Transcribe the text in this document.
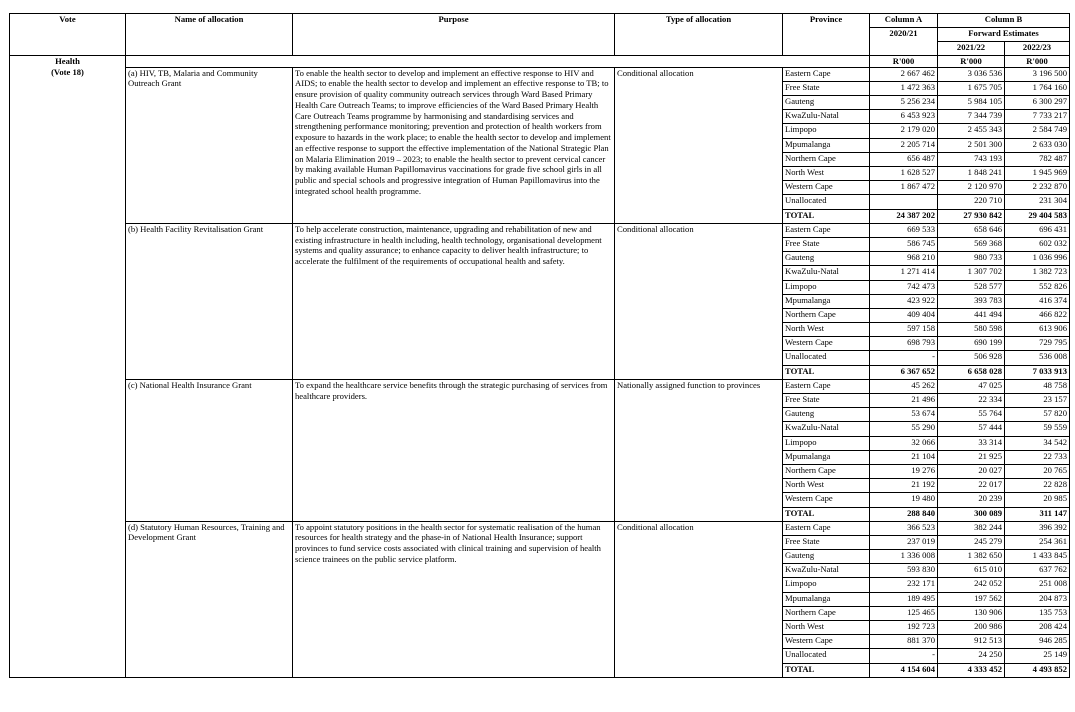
Vote	Name of allocation	Purpose	Type of allocation	Province	Column A	Column B	
					2020/21	Forward Estimates	
						2021/22	2022/23
Health
(Vote 18)					R'000	R'000	R'000
	(a) HIV, TB, Malaria and Community Outreach Grant	To enable the health sector to develop and implement an effective response to HIV and AIDS; to enable the health sector to develop and implement an effective response to TB; to ensure provision of quality community outreach services through Ward Based Primary Health Care Outreach Teams; to improve efficiencies of the Ward Based Primary Health Care Outreach Teams programme by harmonising and standardising services and strengthening performance monitoring; prevention and protection of health workers from exposure to hazards in the work place; to enable the health sector to develop and implement an effective response to support the effective implementation of the National Strategic Plan on Malaria Elimination 2019 – 2023; to enable the health sector to prevent cervical cancer by making available Human Papillomavirus vaccinations for grade five school girls in all public and special schools and progressive integration of Human Papillomavirus into the integrated school health programme.	Conditional allocation	Eastern Cape	2 667 462	3 036 536	3 196 500
				Free State	1 472 363	1 675 705	1 764 160
				Gauteng	5 256 234	5 984 105	6 300 297
				KwaZulu-Natal	6 453 923	7 344 739	7 733 217
				Limpopo	2 179 020	2 455 343	2 584 749
				Mpumalanga	2 205 714	2 501 300	2 633 030
				Northern Cape	656 487	743 193	782 487
				North West	1 628 527	1 848 241	1 945 969
				Western Cape	1 867 472	2 120 970	2 232 870
				Unallocated		220 710	231 304
				TOTAL	24 387 202	27 930 842	29 404 583
	(b) Health Facility Revitalisation Grant	To help accelerate construction, maintenance, upgrading and rehabilitation of new and existing infrastructure in health including, health technology, organisational development systems and quality assurance; to enhance capacity to deliver health infrastructure; to accelerate the fulfilment of the requirements of occupational health and safety.	Conditional allocation	Eastern Cape	669 533	658 646	696 431
				Free State	586 745	569 368	602 032
				Gauteng	968 210	980 733	1 036 996
				KwaZulu-Natal	1 271 414	1 307 702	1 382 723
				Limpopo	742 473	528 577	552 826
				Mpumalanga	423 922	393 783	416 374
				Northern Cape	409 404	441 494	466 822
				North West	597 158	580 598	613 906
				Western Cape	698 793	690 199	729 795
				Unallocated	-	506 928	536 008
				TOTAL	6 367 652	6 658 028	7 033 913
	(c) National Health Insurance Grant	To expand the healthcare service benefits through the strategic purchasing of services from healthcare providers.	Nationally assigned function to provinces	Eastern Cape	45 262	47 025	48 758
				Free State	21 496	22 334	23 157
				Gauteng	53 674	55 764	57 820
				KwaZulu-Natal	55 290	57 444	59 559
				Limpopo	32 066	33 314	34 542
				Mpumalanga	21 104	21 925	22 733
				Northern Cape	19 276	20 027	20 765
				North West	21 192	22 017	22 828
				Western Cape	19 480	20 239	20 985
				TOTAL	288 840	300 089	311 147
	(d) Statutory Human Resources, Training and Development Grant	To appoint statutory positions in the health sector for systematic realisation of the human resources for health strategy and the phase-in of National Health Insurance; support provinces to fund service costs associated with clinical training and supervision of health science trainees on the public service platform.	Conditional allocation	Eastern Cape	366 523	382 244	396 392
				Free State	237 019	245 279	254 361
				Gauteng	1 336 008	1 382 650	1 433 845
				KwaZulu-Natal	593 830	615 010	637 762
				Limpopo	232 171	242 052	251 008
				Mpumalanga	189 495	197 562	204 873
				Northern Cape	125 465	130 906	135 753
				North West	192 723	200 986	208 424
				Western Cape	881 370	912 513	946 285
				Unallocated	-	24 250	25 149
				TOTAL	4 154 604	4 333 452	4 493 852
